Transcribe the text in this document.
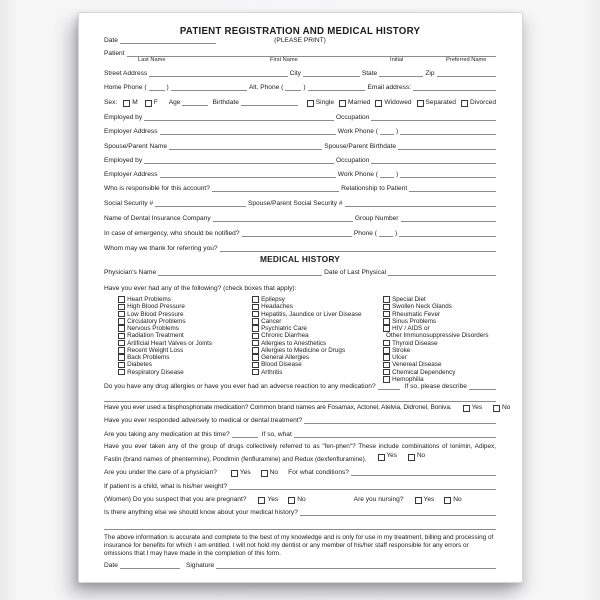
PATIENT REGISTRATION AND MEDICAL HISTORY
Date	(PLEASE PRINT)
Patient
Last Name	First Name	Initial	Preferred Name
Street Address	City	State	Zip
Home Phone (	)	Alt. Phone (	)	Email address:
Sex:	M F	Age	Birthdate	Single Married Widowed Separated Divorced
Employed by	Occupation
Employer Address	Work Phone (	)
Spouse/Parent Name	Spouse/Parent Birthdate
Employed by	Occupation
Employer Address	Work Phone (	)
Who is responsible for this account?	Relationship to Patient
Social Security #	Spouse/Parent Social Security #
Name of Dental Insurance Company	Group Number
In case of emergency, who should be notified?	Phone (	)
Whom may we thank for referring you?
MEDICAL HISTORY
Physician's Name	Date of Last Physical
Have you ever had any of the following? (check boxes that apply):
Heart Problems
High Blood Pressure
Low Blood Pressure
Circulatory Problems
Nervous Problems
Radiation Treatment
Artificial Heart Valves or Joints
Recent Weight Loss
Back Problems
Diabetes
Respiratory Disease
Epilepsy
Headaches
Hepatitis, Jaundice or Liver Disease
Cancer
Psychiatric Care
Chronic Diarrhea
Allergies to Anesthetics
Allergies to Medicine or Drugs
General Allergies
Blood Disease
Arthritis
Special Diet
Swollen Neck Glands
Rheumatic Fever
Sinus Problems
HIV / AIDS or
Other Immunosuppressive Disorders
Thyroid Disease
Stroke
Ulcer
Venereal Disease
Chemical Dependency
Hemophilia
Do you have any drug allergies or have you ever had an adverse reaction to any medication?	If so, please describe
Have you ever used a bisphosphonate medication? Common brand names are Fosamax, Actonel, Atelvia, Didronel, Boniva.	Yes	No
Have you ever responded adversely to medical or dental treatment?
Are you taking any medication at this time?	If so, what
Have you ever taken any of the group of drugs collectively referred to as "fen-phen"? These include combinations of Ionimin, Adipex, Fastin (brand names of phentermine), Pondimin (fenfluramine) and Redux (dexfenfluramine).
Yes	No
Are you under the care of a physician?	Yes	No	For what conditions?
If patient is a child, what is his/her weight?
(Women) Do you suspect that you are pregnant?	Yes	No	Are you nursing?	Yes	No
Is there anything else we should know about your medical history?
The above information is accurate and complete to the best of my knowledge and is only for use in my treatment, billing and processing of insurance for benefits for which I am entitled. I will not hold my dentist or any member of his/her staff responsible for any errors or omissions that I may have made in the completion of this form.
Date	Signature
